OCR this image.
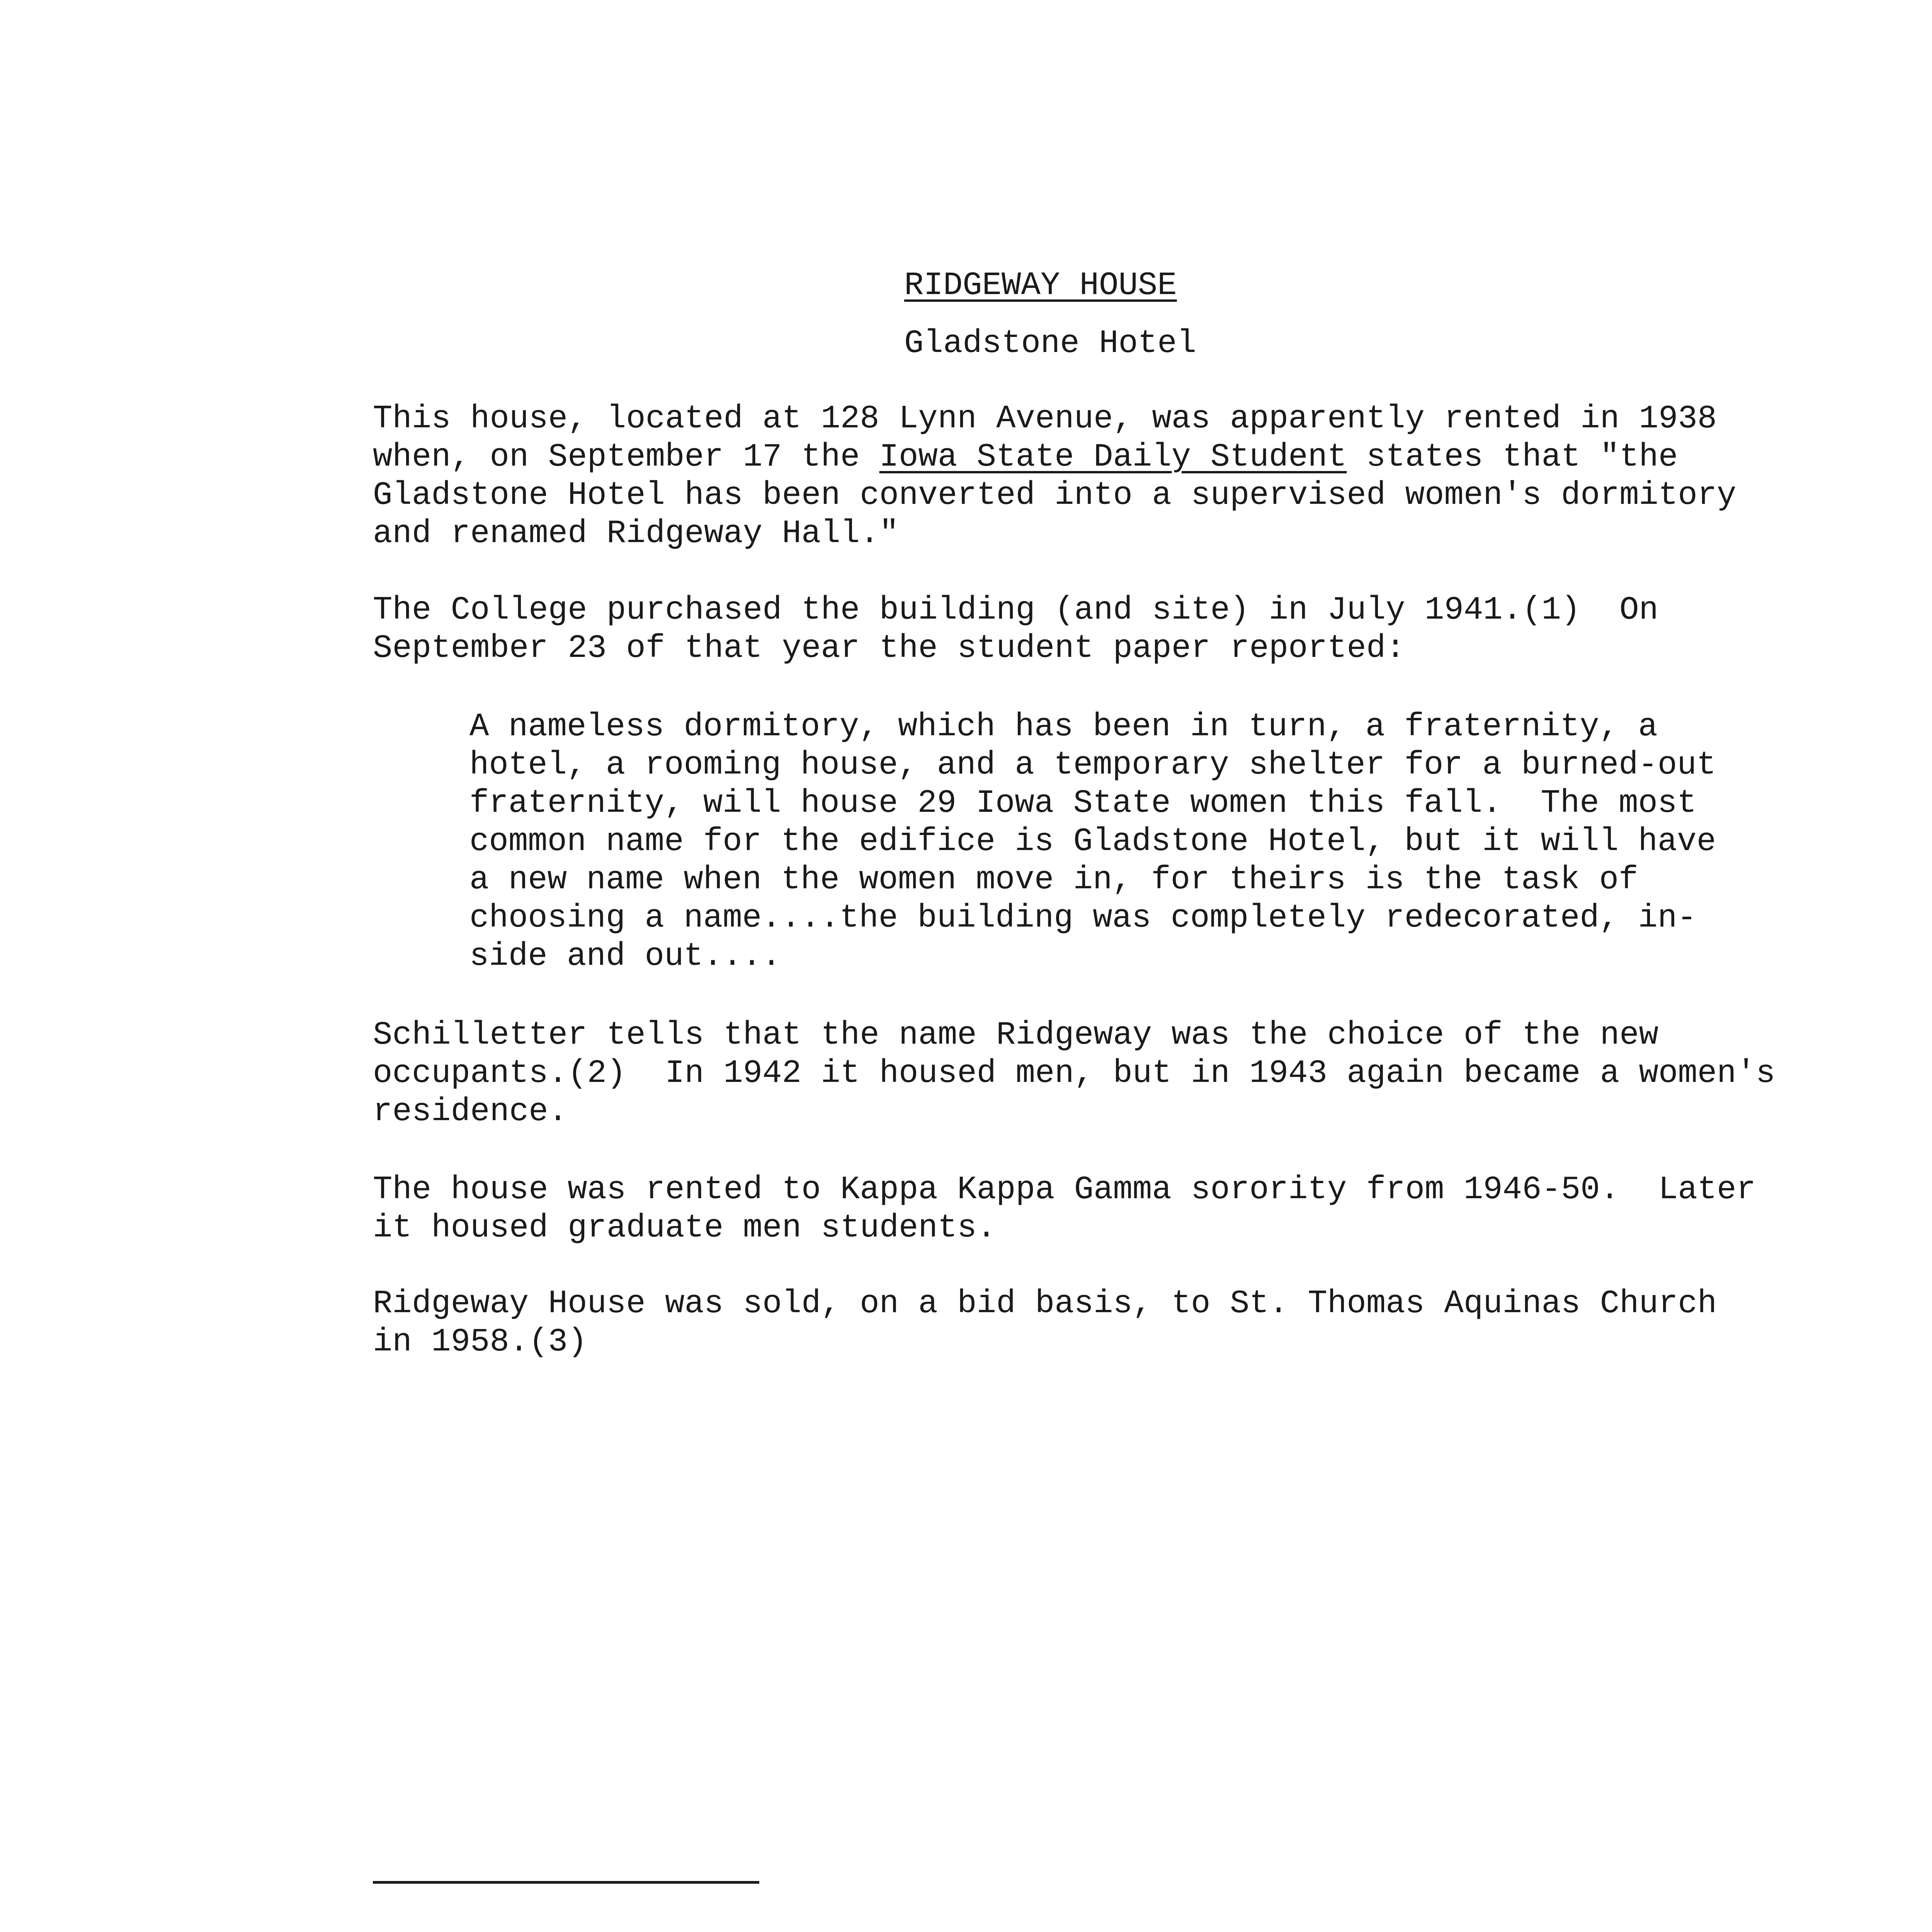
RIDGEWAY HOUSE
Gladstone Hotel
This house, located at 128 Lynn Avenue, was apparently rented in 1938
when, on September 17 the Iowa State Daily Student states that "the
Gladstone Hotel has been converted into a supervised women's dormitory
and renamed Ridgeway Hall."
The College purchased the building (and site) in July 1941.(1)  On
September 23 of that year the student paper reported:
A nameless dormitory, which has been in turn, a fraternity, a
hotel, a rooming house, and a temporary shelter for a burned-out
fraternity, will house 29 Iowa State women this fall.  The most
common name for the edifice is Gladstone Hotel, but it will have
a new name when the women move in, for theirs is the task of
choosing a name....the building was completely redecorated, in-
side and out....
Schilletter tells that the name Ridgeway was the choice of the new
occupants.(2)  In 1942 it housed men, but in 1943 again became a women's
residence.
The house was rented to Kappa Kappa Gamma sorority from 1946-50.  Later
it housed graduate men students.
Ridgeway House was sold, on a bid basis, to St. Thomas Aquinas Church
in 1958.(3)
